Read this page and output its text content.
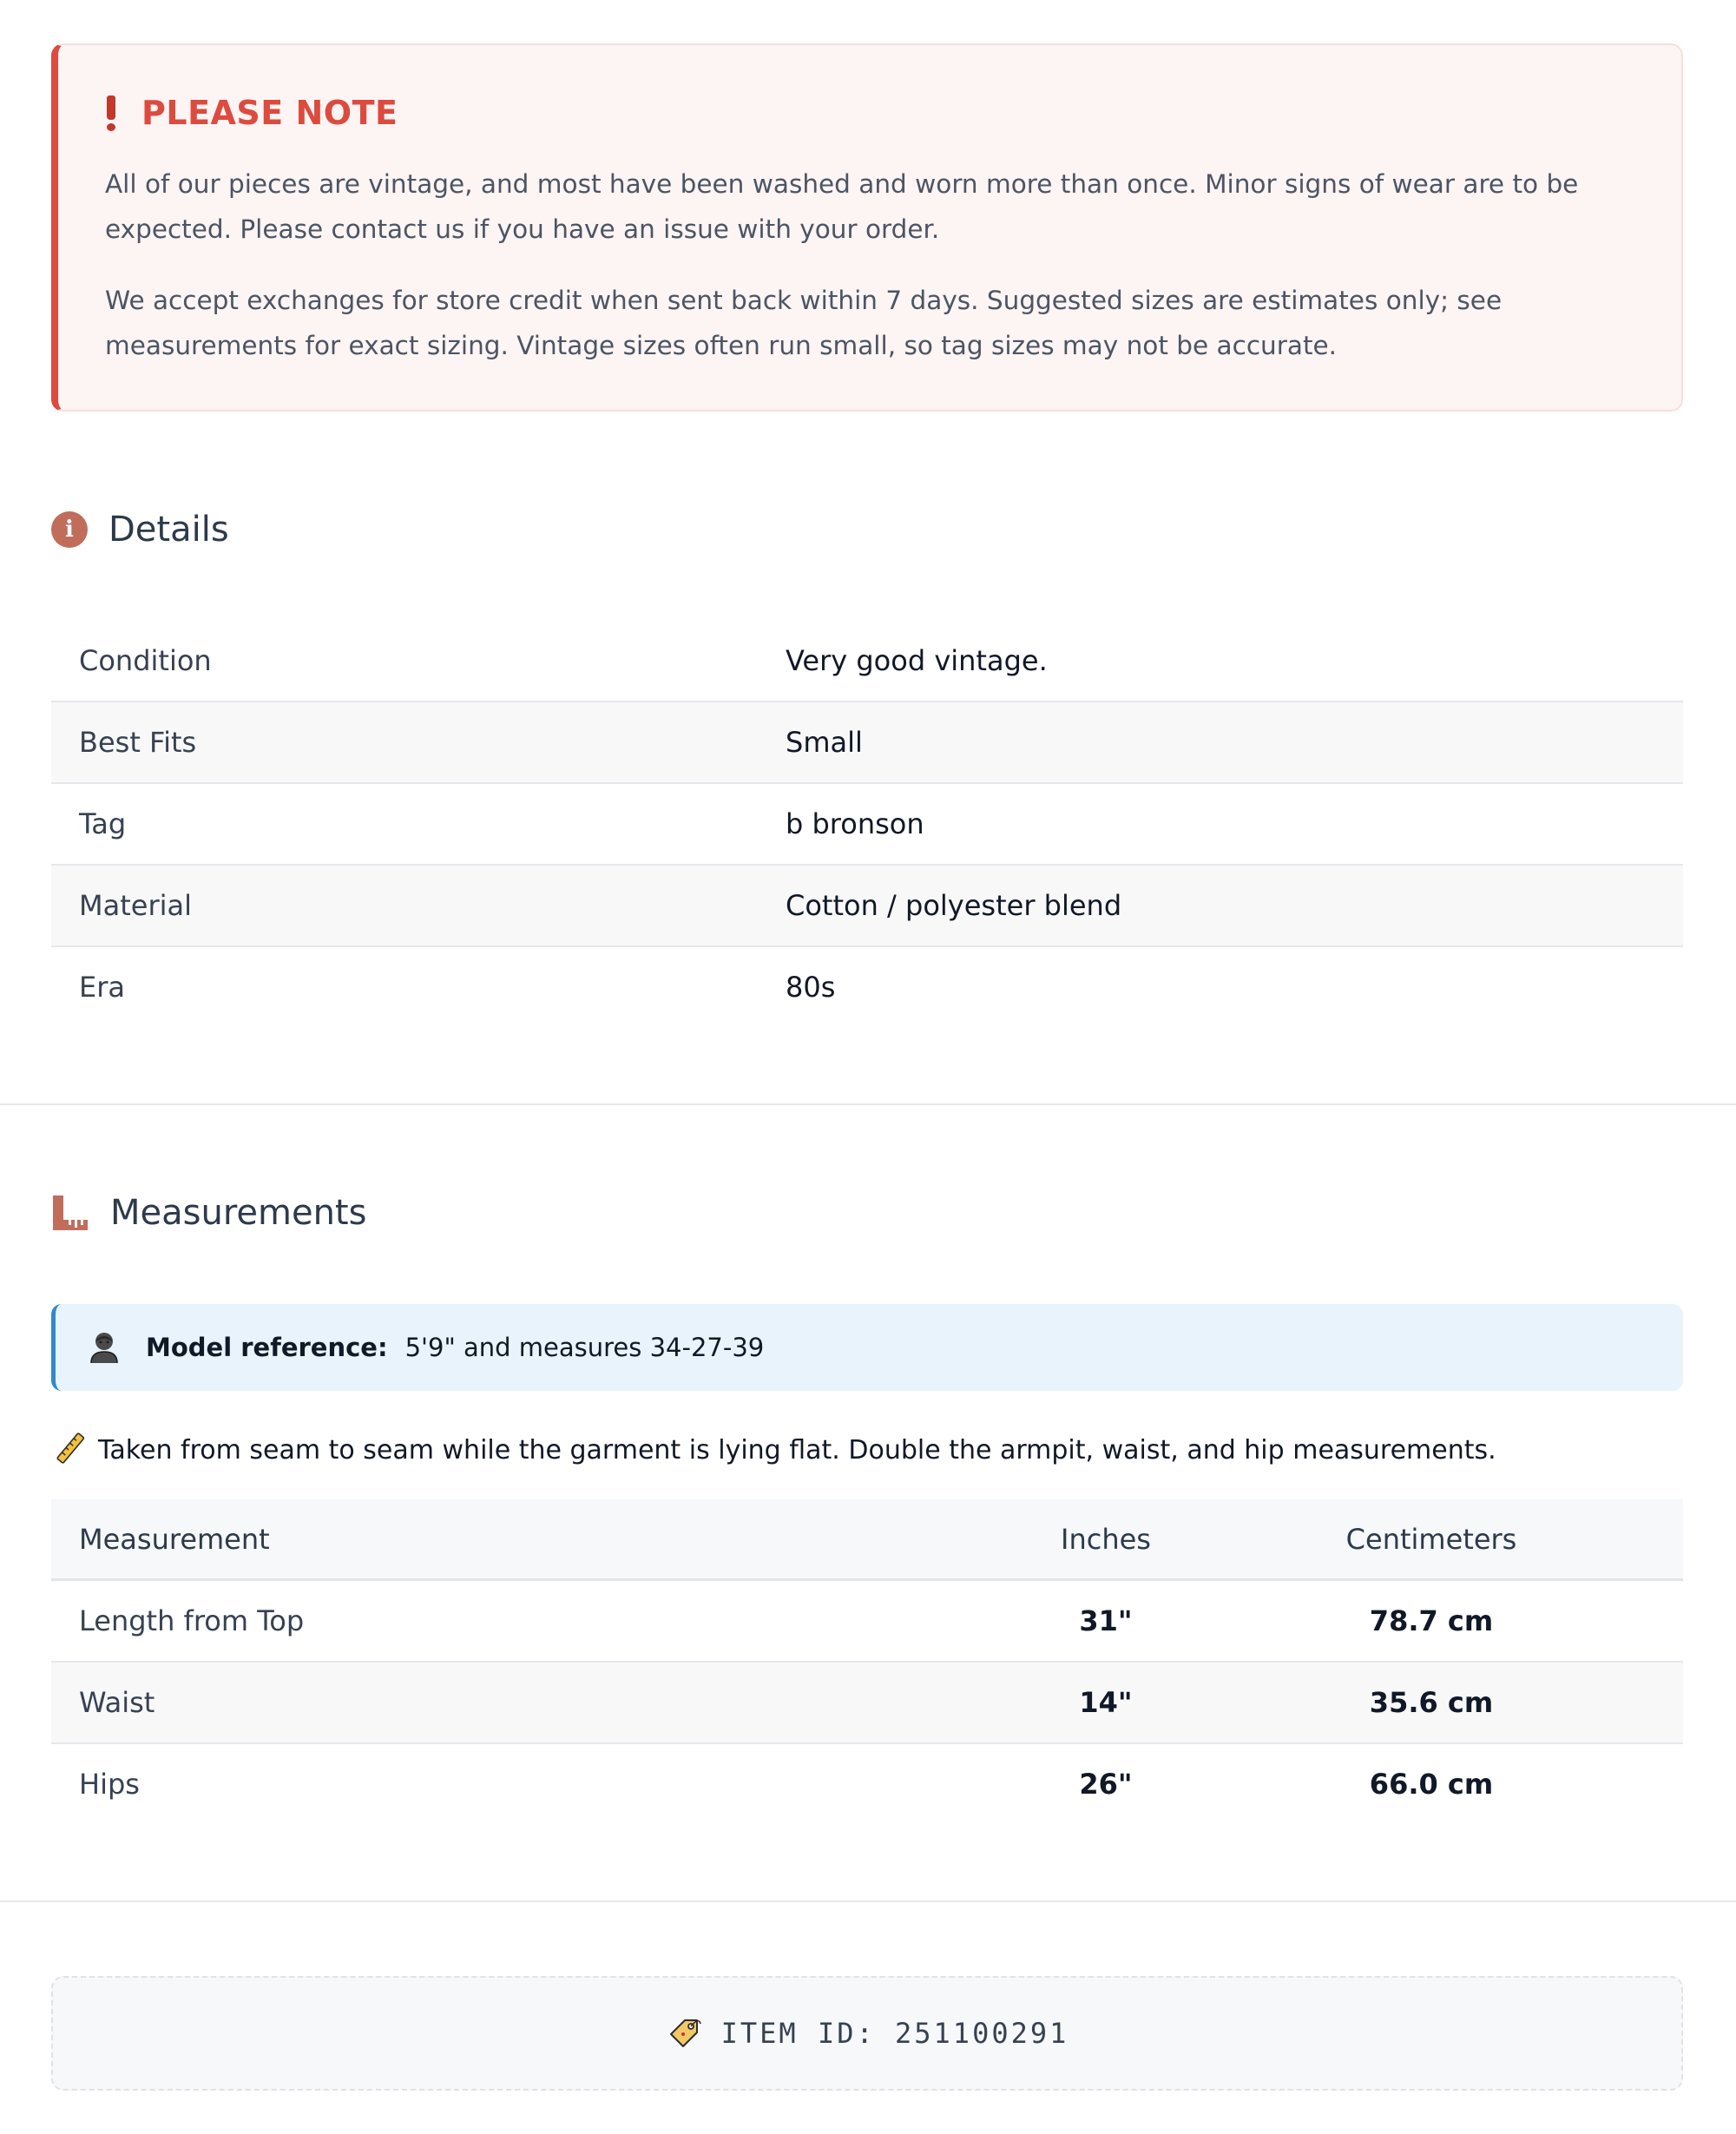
PLEASE NOTE

All of our pieces are vintage, and most have been washed and worn more than once. Minor signs of wear are to be expected. Please contact us if you have an issue with your order.

We accept exchanges for store credit when sent back within 7 days. Suggested sizes are estimates only; see measurements for exact sizing. Vintage sizes often run small, so tag sizes may not be accurate.

i	Details
Condition	Very good vintage.
Best Fits	Small
Tag	b bronson
Material	Cotton / polyester blend
Era	80s
Measurements
Model reference: 5'9" and measures 34-27-39
Taken from seam to seam while the garment is lying flat. Double the armpit, waist, and hip measurements.
Measurement	Inches	Centimeters
Length from Top	31"	78.7 cm
Waist	14"	35.6 cm
Hips	26"	66.0 cm
ITEM ID: 251100291
